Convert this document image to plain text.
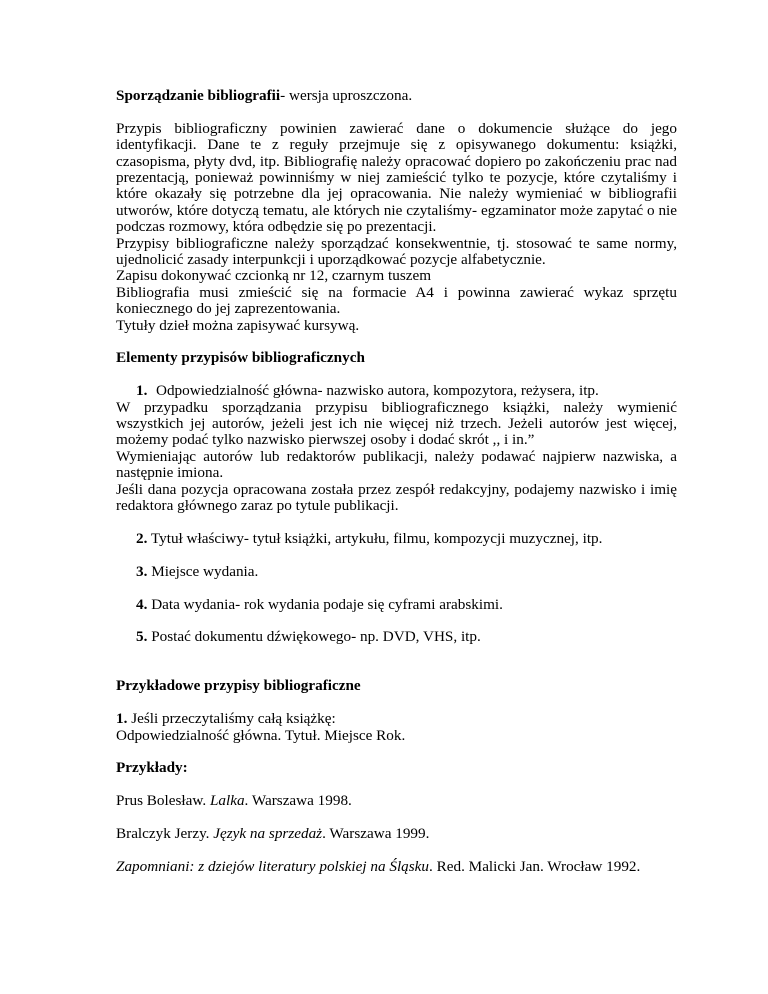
Sporządzanie bibliografii- wersja uproszczona.

Przypis bibliograficzny powinien zawierać dane o dokumencie służące do jego identyfikacji. Dane te z reguły przejmuje się z opisywanego dokumentu: książki, czasopisma, płyty dvd, itp. Bibliografię należy opracować dopiero po zakończeniu prac nad prezentacją, ponieważ powinniśmy w niej zamieścić tylko te pozycje, które czytaliśmy i które okazały się potrzebne dla jej opracowania. Nie należy wymieniać w bibliografii utworów, które dotyczą tematu, ale których nie czytaliśmy- egzaminator może zapytać o nie podczas rozmowy, która odbędzie się po prezentacji.

Przypisy bibliograficzne należy sporządzać konsekwentnie, tj. stosować te same normy, ujednolicić zasady interpunkcji i uporządkować pozycje alfabetycznie.

Zapisu dokonywać czcionką nr 12, czarnym tuszem

Bibliografia musi zmieścić się na formacie A4 i powinna zawierać wykaz sprzętu koniecznego do jej zaprezentowania.

Tytuły dzieł można zapisywać kursywą.

Elementy przypisów bibliograficznych

1. Odpowiedzialność główna- nazwisko autora, kompozytora, reżysera, itp.

W przypadku sporządzania przypisu bibliograficznego książki, należy wymienić wszystkich jej autorów, jeżeli jest ich nie więcej niż trzech. Jeżeli autorów jest więcej, możemy podać tylko nazwisko pierwszej osoby i dodać skrót ,, i in.”

Wymieniając autorów lub redaktorów publikacji, należy podawać najpierw nazwiska, a następnie imiona.

Jeśli dana pozycja opracowana została przez zespół redakcyjny, podajemy nazwisko i imię redaktora głównego zaraz po tytule publikacji.

2. Tytuł właściwy- tytuł książki, artykułu, filmu, kompozycji muzycznej, itp.

3. Miejsce wydania.

4. Data wydania- rok wydania podaje się cyframi arabskimi.

5. Postać dokumentu dźwiękowego- np. DVD, VHS, itp.

Przykładowe przypisy bibliograficzne

1. Jeśli przeczytaliśmy całą książkę:

Odpowiedzialność główna. Tytuł. Miejsce Rok.

Przykłady:

Prus Bolesław. Lalka. Warszawa 1998.

Bralczyk Jerzy. Język na sprzedaż. Warszawa 1999.

Zapomniani: z dziejów literatury polskiej na Śląsku. Red. Malicki Jan. Wrocław 1992.
